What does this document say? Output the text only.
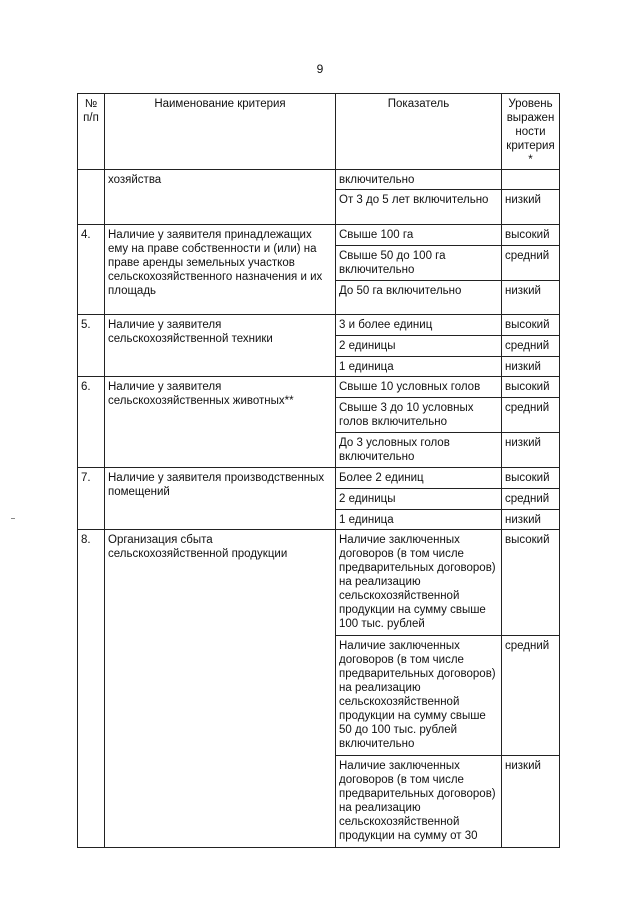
9
№ п/п	Наименование критерия	Показатель	Уровень выраженности критерия*
	хозяйства	включительно	
		От 3 до 5 лет включительно	низкий
4.	Наличие у заявителя принадлежащих ему на праве собственности и (или) на праве аренды земельных участков сельскохозяйственного назначения и их площадь	Свыше 100 га	высокий
		Свыше 50 до 100 га включительно	средний
		До 50 га включительно	низкий
5.	Наличие у заявителя сельскохозяйственной техники	3 и более единиц	высокий
		2 единицы	средний
		1 единица	низкий
6.	Наличие у заявителя сельскохозяйственных животных**	Свыше 10 условных голов	высокий
		Свыше 3 до 10 условных голов включительно	средний
		До 3 условных голов включительно	низкий
7.	Наличие у заявителя производственных помещений	Более 2 единиц	высокий
		2 единицы	средний
		1 единица	низкий
8.	Организация сбыта сельскохозяйственной продукции	Наличие заключенных договоров (в том числе предварительных договоров) на реализацию сельскохозяйственной продукции на сумму свыше 100 тыс. рублей	высокий
		Наличие заключенных договоров (в том числе предварительных договоров) на реализацию сельскохозяйственной продукции на сумму свыше 50 до 100 тыс. рублей включительно	средний
		Наличие заключенных договоров (в том числе предварительных договоров) на реализацию сельскохозяйственной продукции на сумму от 30	низкий
